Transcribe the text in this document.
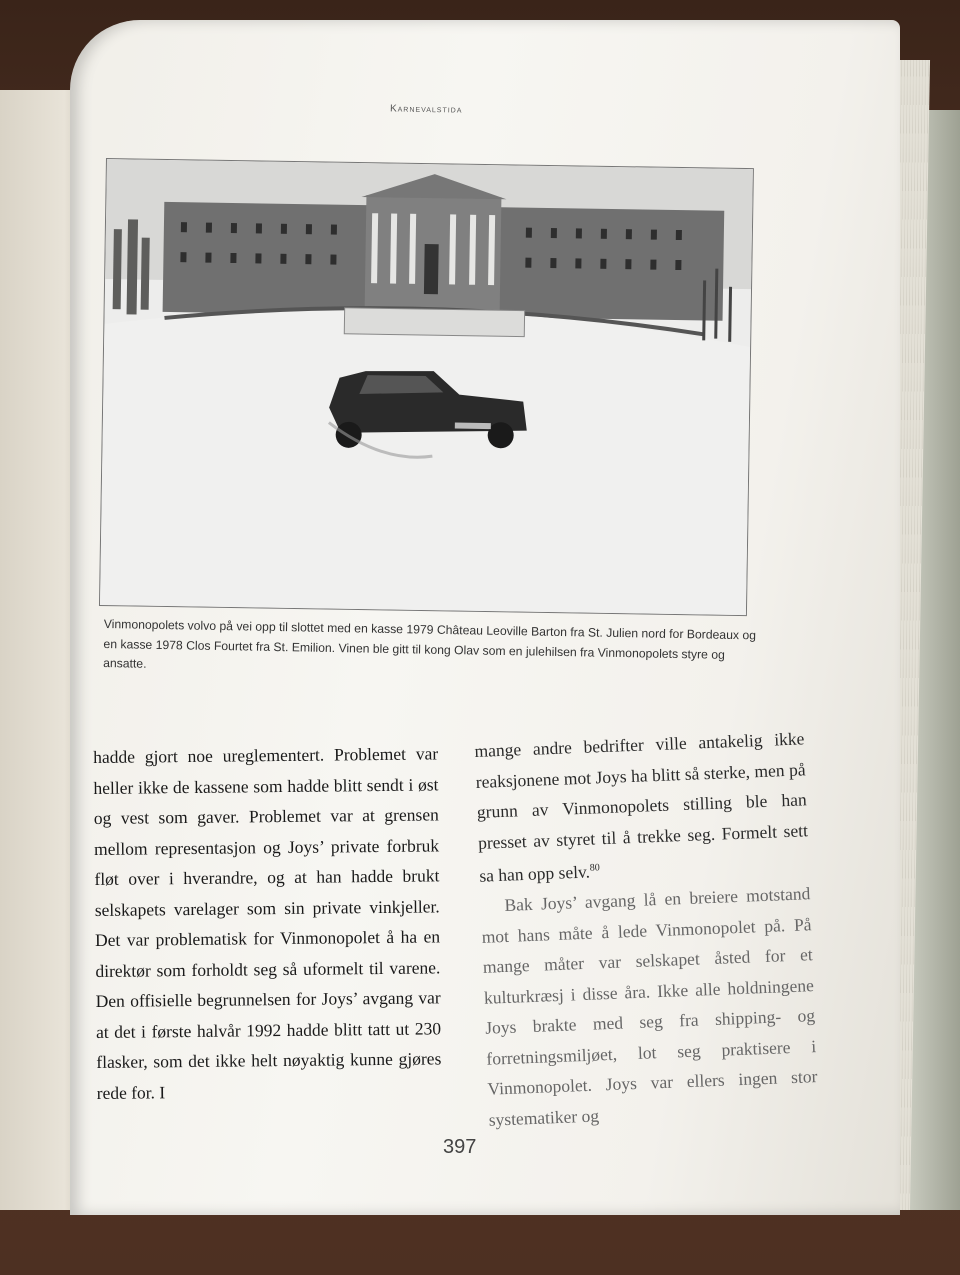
Karnevalstida
Vinmonopolets volvo på vei opp til slottet med en kasse 1979 Château Leoville Barton fra St. Julien nord for Bordeaux og en kasse 1978 Clos Fourtet fra St. Emilion. Vinen ble gitt til kong Olav som en julehilsen fra Vinmonopolets styre og ansatte.

hadde gjort noe ureglementert. Problemet var heller ikke de kassene som hadde blitt sendt i øst og vest som gaver. Problemet var at grensen mellom representasjon og Joys’ private forbruk fløt over i hverandre, og at han hadde brukt selskapets varelager som sin private vinkjeller. Det var problematisk for Vinmonopolet å ha en direktør som forholdt seg så uformelt til varene. Den offisielle begrunnelsen for Joys’ avgang var at det i første halvår 1992 hadde blitt tatt ut 230 flasker, som det ikke helt nøyaktig kunne gjøres rede for. I

mange andre bedrifter ville antakelig ikke reaksjonene mot Joys ha blitt så sterke, men på grunn av Vinmonopolets stilling ble han presset av styret til å trekke seg. Formelt sett sa han opp selv.$^{80}$

Bak Joys’ avgang lå en breiere motstand mot hans måte å lede Vinmonopolet på. På mange måter var selskapet åsted for et kulturkræsj i disse åra. Ikke alle holdningene Joys brakte med seg fra shipping- og forretningsmiljøet, lot seg praktisere i Vinmonopolet. Joys var ellers ingen stor systematiker og

397
